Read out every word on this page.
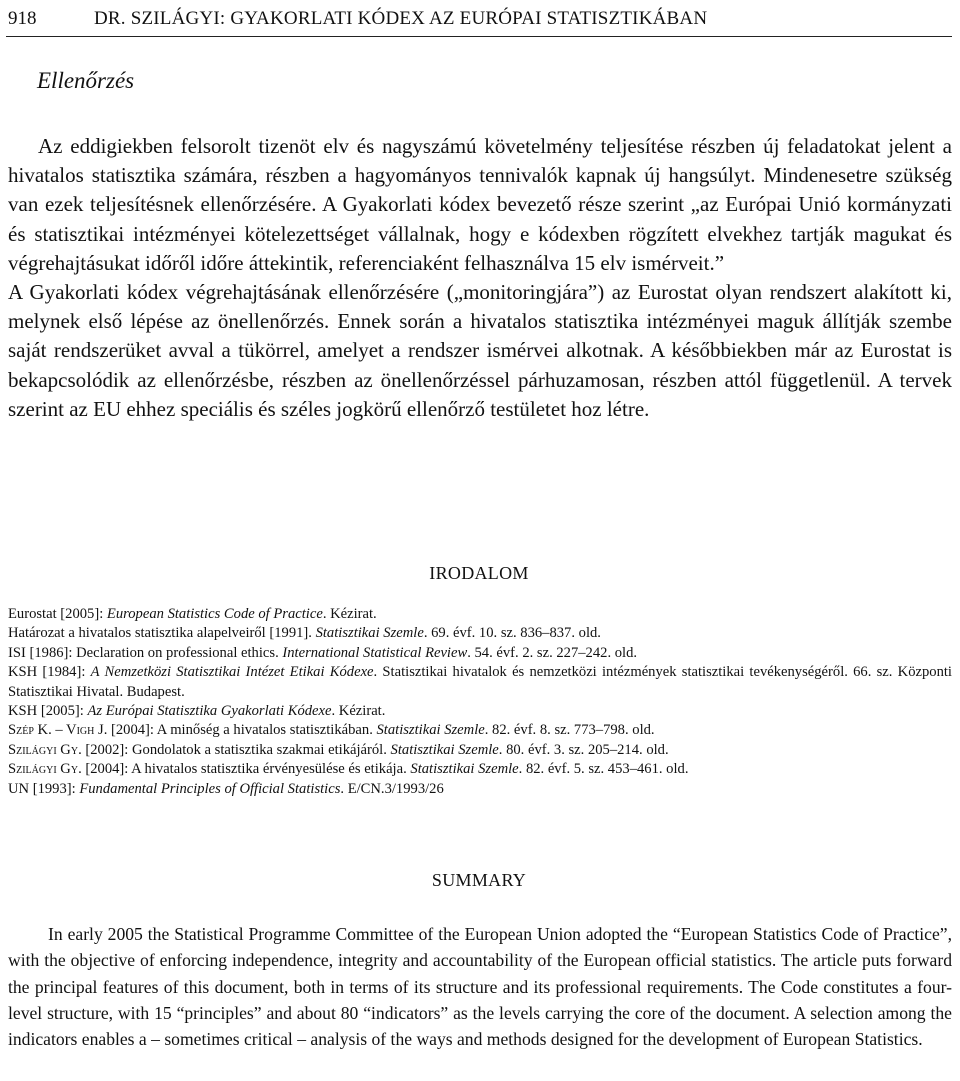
918	DR. SZILÁGYI: GYAKORLATI KÓDEX AZ EURÓPAI STATISZTIKÁBAN
Ellenőrzés

Az eddigiekben felsorolt tizenöt elv és nagyszámú követelmény teljesítése részben új feladatokat jelent a hivatalos statisztika számára, részben a hagyományos tennivalók kapnak új hangsúlyt. Mindenesetre szükség van ezek teljesítésnek ellenőrzésére. A Gyakorlati kódex bevezető része szerint „az Európai Unió kormányzati és statisztikai intézményei kötelezettséget vállalnak, hogy e kódexben rögzített elvekhez tartják magukat és végrehajtásukat időről időre áttekintik, referenciaként felhasználva 15 elv ismérveit.”

A Gyakorlati kódex végrehajtásának ellenőrzésére („monitoringjára”) az Eurostat olyan rendszert alakított ki, melynek első lépése az önellenőrzés. Ennek során a hivatalos statisztika intézményei maguk állítják szembe saját rendszerüket avval a tükörrel, amelyet a rendszer ismérvei alkotnak. A későbbiekben már az Eurostat is bekapcsolódik az ellenőrzésbe, részben az önellenőrzéssel párhuzamosan, részben attól függetlenül. A tervek szerint az EU ehhez speciális és széles jogkörű ellenőrző testületet hoz létre.

IRODALOM

Eurostat [2005]: European Statistics Code of Practice. Kézirat.

Határozat a hivatalos statisztika alapelveiről [1991]. Statisztikai Szemle. 69. évf. 10. sz. 836–837. old.

ISI [1986]: Declaration on professional ethics. International Statistical Review. 54. évf. 2. sz. 227–242. old.

KSH [1984]: A Nemzetközi Statisztikai Intézet Etikai Kódexe. Statisztikai hivatalok és nemzetközi intézmények statisztikai tevékenységéről. 66. sz. Központi Statisztikai Hivatal. Budapest.

KSH [2005]: Az Európai Statisztika Gyakorlati Kódexe. Kézirat.

Szép K. – Vigh J. [2004]: A minőség a hivatalos statisztikában. Statisztikai Szemle. 82. évf. 8. sz. 773–798. old.

Szilágyi Gy. [2002]: Gondolatok a statisztika szakmai etikájáról. Statisztikai Szemle. 80. évf. 3. sz. 205–214. old.

Szilágyi Gy. [2004]: A hivatalos statisztika érvényesülése és etikája. Statisztikai Szemle. 82. évf. 5. sz. 453–461. old.

UN [1993]: Fundamental Principles of Official Statistics. E/CN.3/1993/26

SUMMARY

In early 2005 the Statistical Programme Committee of the European Union adopted the “European Statistics Code of Practice”, with the objective of enforcing independence, integrity and accountability of the European official statistics. The article puts forward the principal features of this document, both in terms of its structure and its professional requirements. The Code constitutes a four-level structure, with 15 “principles” and about 80 “indicators” as the levels carrying the core of the document. A selection among the indicators enables a – sometimes critical – analysis of the ways and methods designed for the development of European Statistics.
